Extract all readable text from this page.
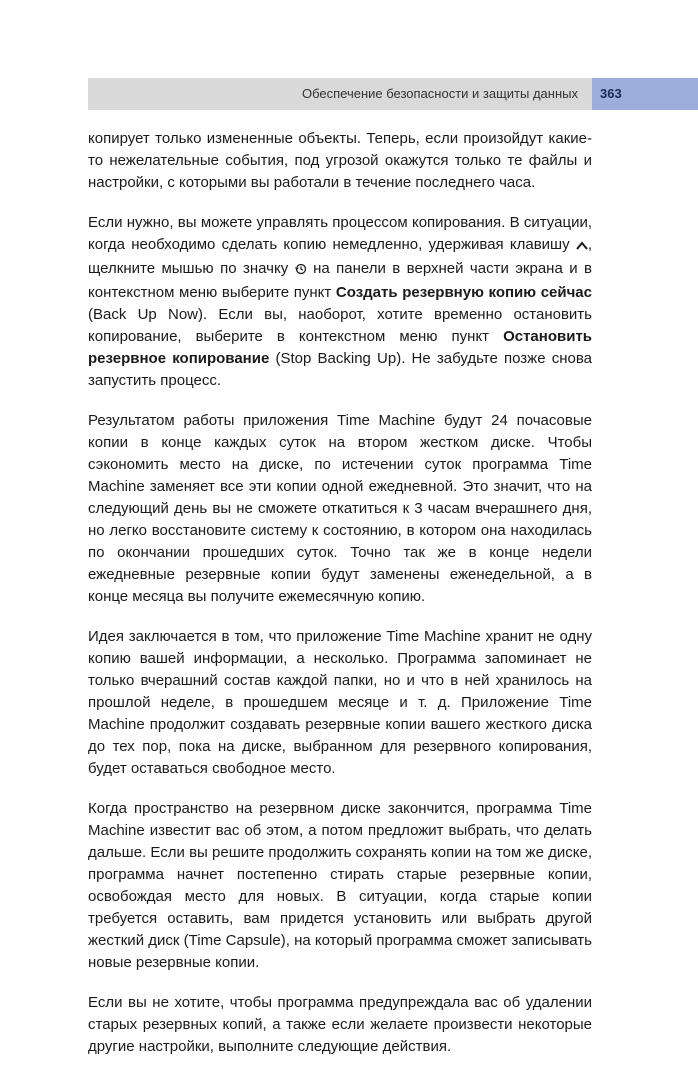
Обеспечение безопасности и защиты данных 363

копирует только измененные объекты. Теперь, если произойдут какие-то нежелательные события, под угрозой окажутся только те файлы и настройки, с которыми вы работали в течение последнего часа.

Если нужно, вы можете управлять процессом копирования. В ситуации, когда необходимо сделать копию немедленно, удерживая клавишу , щелкните мышью по значку на панели в верхней части экрана и в контекстном меню выберите пункт Создать резервную копию сейчас (Back Up Now). Если вы, наоборот, хотите временно остановить копирование, выберите в контекстном меню пункт Остановить резервное копирование (Stop Backing Up). Не забудьте позже снова запустить процесс.

Результатом работы приложения Time Machine будут 24 почасовые копии в конце каждых суток на втором жестком диске. Чтобы сэкономить место на диске, по истечении суток программа Time Machine заменяет все эти копии одной ежедневной. Это значит, что на следующий день вы не сможете откатиться к 3 часам вчерашнего дня, но легко восстановите систему к состоянию, в котором она находилась по окончании прошедших суток. Точно так же в конце недели ежедневные резервные копии будут заменены еженедельной, а в конце месяца вы получите ежемесячную копию.

Идея заключается в том, что приложение Time Machine хранит не одну копию вашей информации, а несколько. Программа запоминает не только вчерашний состав каждой папки, но и что в ней хранилось на прошлой неделе, в прошедшем месяце и т. д. Приложение Time Machine продолжит создавать резервные копии вашего жесткого диска до тех пор, пока на диске, выбранном для резервного копирования, будет оставаться свободное место.

Когда пространство на резервном диске закончится, программа Time Machine известит вас об этом, а потом предложит выбрать, что делать дальше. Если вы решите продолжить сохранять копии на том же диске, программа начнет постепенно стирать старые резервные копии, освобождая место для новых. В ситуации, когда старые копии требуется оставить, вам придется установить или выбрать другой жесткий диск (Time Capsule), на который программа сможет записывать новые резервные копии.

Если вы не хотите, чтобы программа предупреждала вас об удалении старых резервных копий, а также если желаете произвести некоторые другие настройки, выполните следующие действия.
